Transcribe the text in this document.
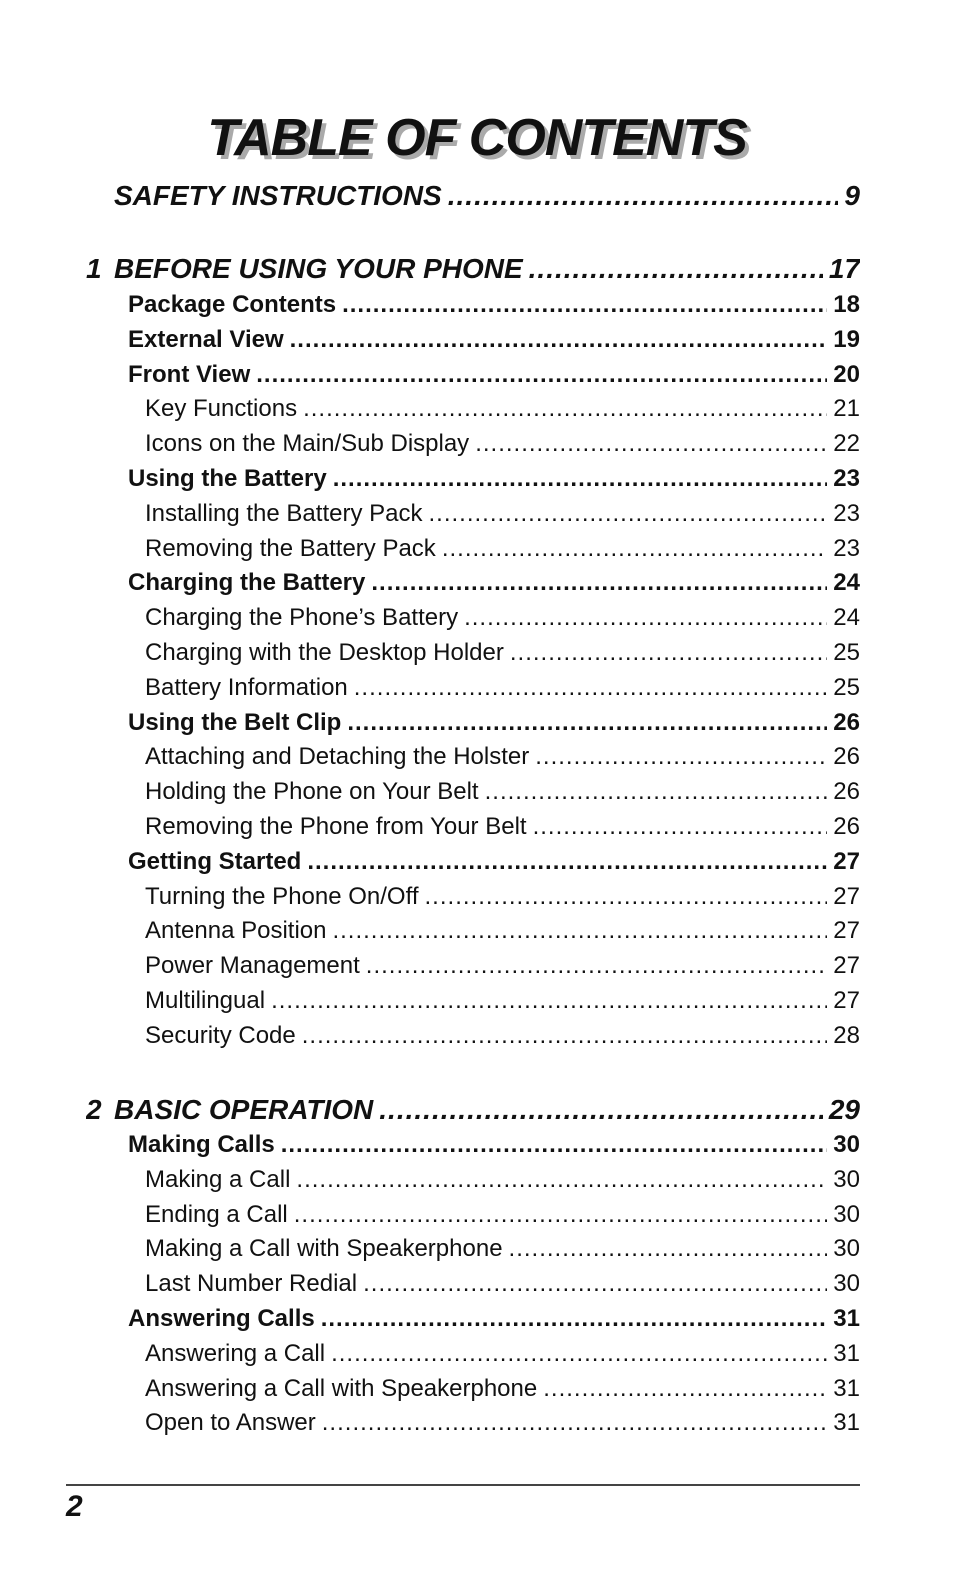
TABLE OF CONTENTS
SAFETY INSTRUCTIONS .....	9
1 BEFORE USING YOUR PHONE .....	17
Package Contents .....	18
External View .....	19
Front View .....	20
Key Functions .....	21
Icons on the Main/Sub Display .....	22
Using the Battery .....	23
Installing the Battery Pack .....	23
Removing the Battery Pack .....	23
Charging the Battery .....	24
Charging the Phone’s Battery .....	24
Charging with the Desktop Holder .....	25
Battery Information .....	25
Using the Belt Clip .....	26
Attaching and Detaching the Holster .....	26
Holding the Phone on Your Belt .....	26
Removing the Phone from Your Belt .....	26
Getting Started .....	27
Turning the Phone On/Off .....	27
Antenna Position .....	27
Power Management .....	27
Multilingual .....	27
Security Code .....	28
2 BASIC OPERATION .....	29
Making Calls .....	30
Making a Call .....	30
Ending a Call .....	30
Making a Call with Speakerphone .....	30
Last Number Redial .....	30
Answering Calls .....	31
Answering a Call .....	31
Answering a Call with Speakerphone .....	31
Open to Answer .....	31
2
